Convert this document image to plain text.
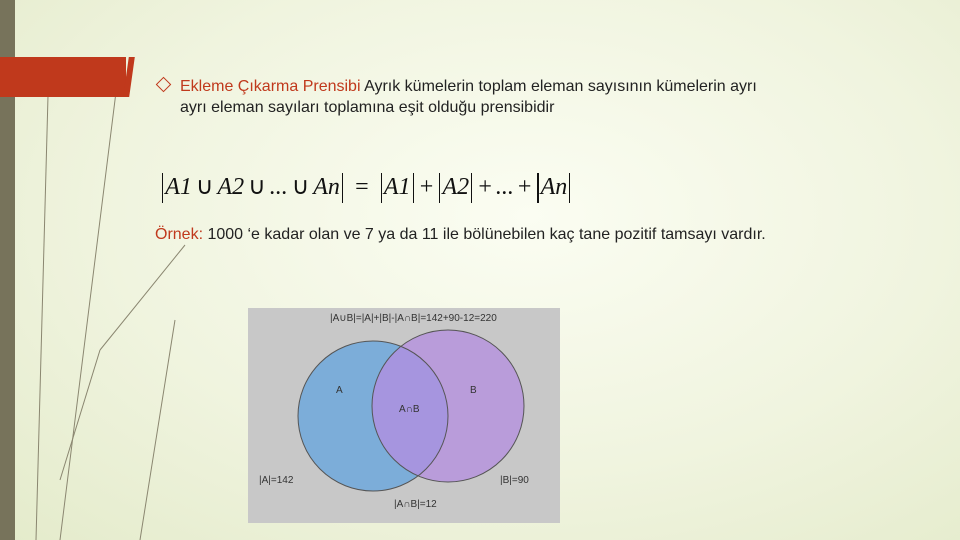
Ekleme Çıkarma Prensibi Ayrık kümelerin toplam eleman sayısının kümelerin ayrı
ayrı eleman sayıları toplamına eşit olduğu prensibidir
A1 ∪ A2 ∪ ... ∪ An = A1 + A2 + ... + An
Örnek: 1000 ‘e kadar olan ve 7 ya da 11 ile bölünebilen kaç tane pozitif tamsayı vardır.
|A∪B|=|A|+|B|-|A∩B|=142+90-12=220
A	B
A∩B
|A|=142	|B|=90
|A∩B|=12
